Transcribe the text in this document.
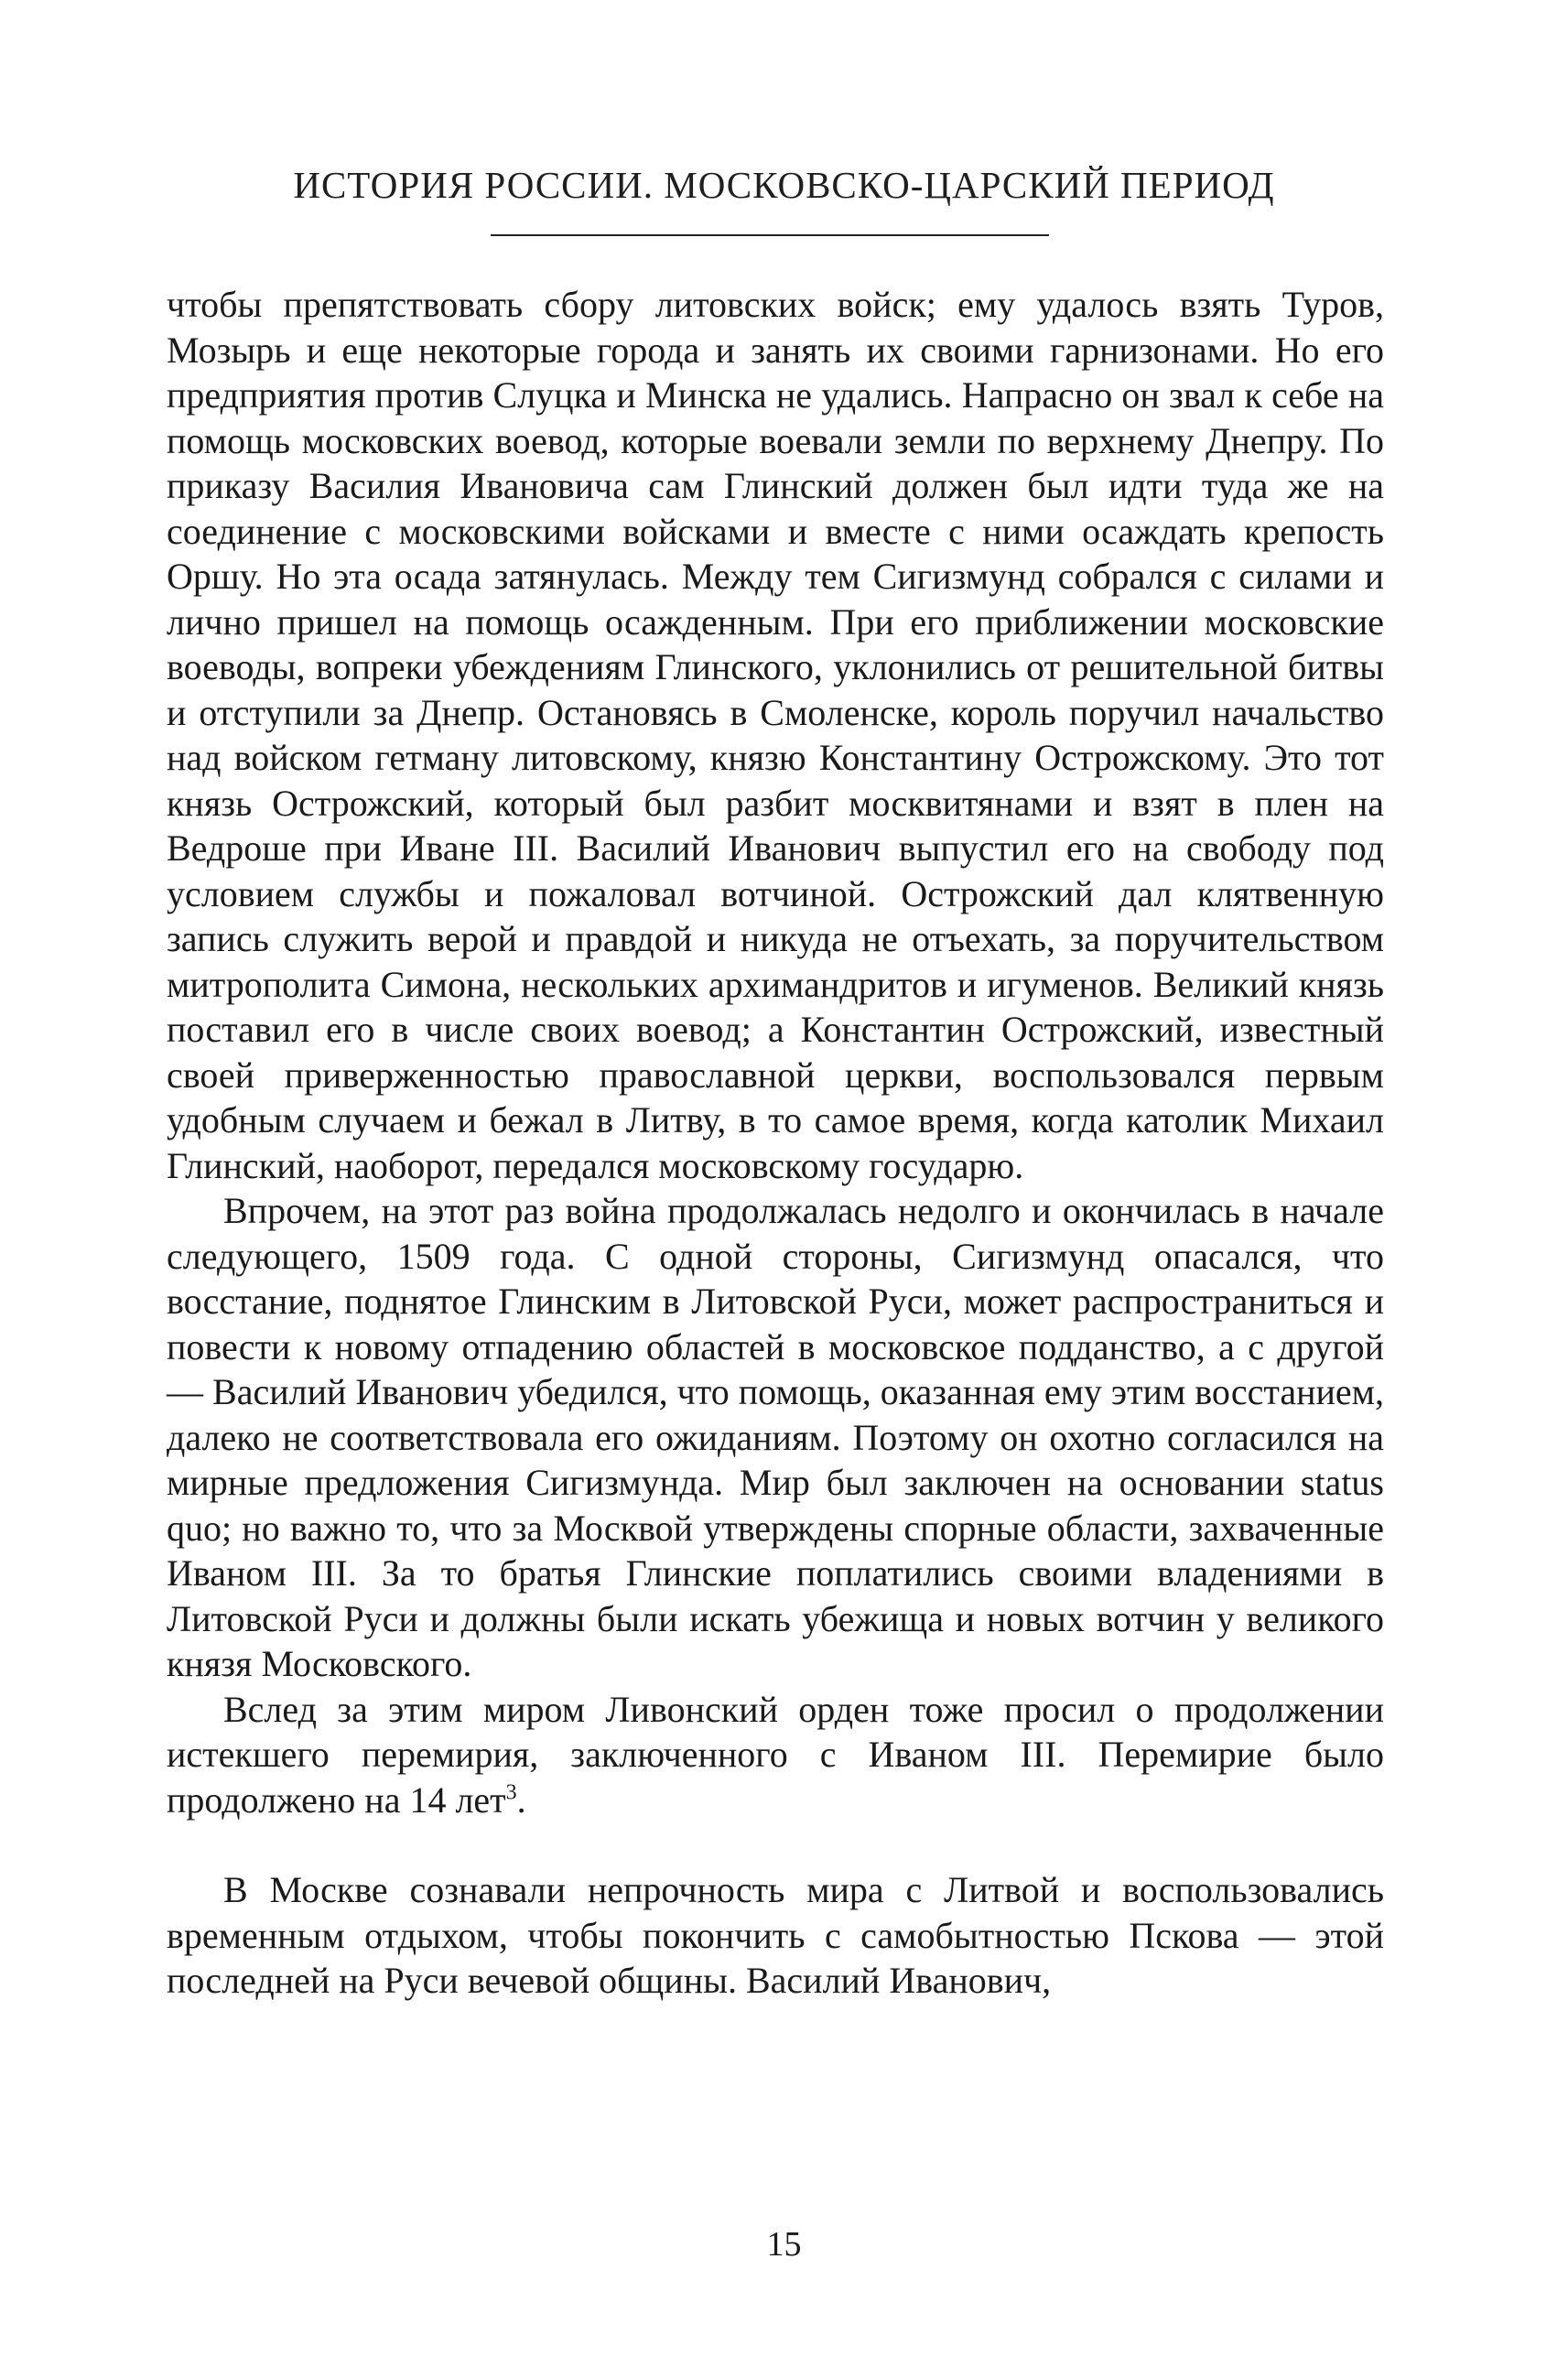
ИСТОРИЯ РОССИИ. МОСКОВСКО-ЦАРСКИЙ ПЕРИОД

чтобы препятствовать сбору литовских войск; ему удалось взять Туров, Мозырь и еще некоторые города и занять их своими гарнизонами. Но его предприятия против Слуцка и Минска не удались. Напрасно он звал к себе на помощь московских воевод, которые воевали земли по верхнему Днепру. По приказу Василия Ивановича сам Глинский должен был идти туда же на соединение с московскими войсками и вместе с ними осаждать крепость Оршу. Но эта осада затянулась. Между тем Сигизмунд собрался с силами и лично пришел на помощь осажденным. При его приближении московские воеводы, вопреки убеждениям Глинского, уклонились от решительной битвы и отступили за Днепр. Остановясь в Смоленске, король поручил начальство над войском гетману литовскому, князю Константину Острожскому. Это тот князь Острожский, который был разбит москвитянами и взят в плен на Ведроше при Иване III. Василий Иванович выпустил его на свободу под условием службы и пожаловал вотчиной. Острожский дал клятвенную запись служить верой и правдой и никуда не отъехать, за поручительством митрополита Симона, нескольких архимандритов и игуменов. Великий князь поставил его в числе своих воевод; а Константин Острожский, известный своей приверженностью православной церкви, воспользовался первым удобным случаем и бежал в Литву, в то самое время, когда католик Михаил Глинский, наоборот, передался московскому государю.

Впрочем, на этот раз война продолжалась недолго и окончилась в начале следующего, 1509 года. С одной стороны, Сигизмунд опасался, что восстание, поднятое Глинским в Литовской Руси, может распространиться и повести к новому отпадению областей в московское подданство, а с другой — Василий Иванович убедился, что помощь, оказанная ему этим восстанием, далеко не соответствовала его ожиданиям. Поэтому он охотно согласился на мирные предложения Сигизмунда. Мир был заключен на основании status quo; но важно то, что за Москвой утверждены спорные области, захваченные Иваном III. За то братья Глинские поплатились своими владениями в Литовской Руси и должны были искать убежища и новых вотчин у великого князя Московского.

Вслед за этим миром Ливонский орден тоже просил о продолжении истекшего перемирия, заключенного с Иваном III. Перемирие было продолжено на 14 лет$^3$.

В Москве сознавали непрочность мира с Литвой и воспользовались временным отдыхом, чтобы покончить с самобытностью Пскова — этой последней на Руси вечевой общины. Василий Иванович,

15
